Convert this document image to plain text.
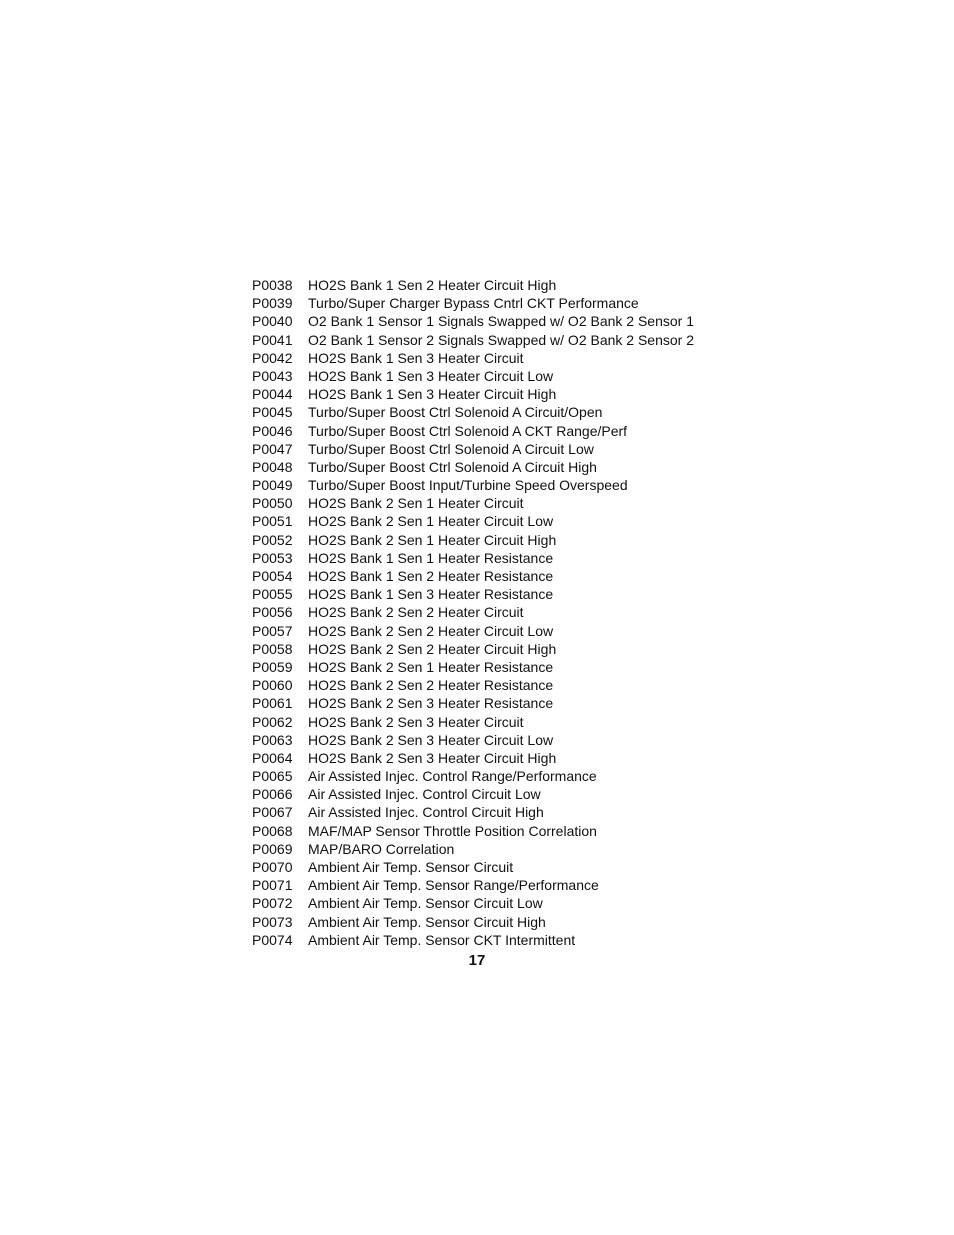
P0038	HO2S Bank 1 Sen 2 Heater Circuit High
P0039	Turbo/Super Charger Bypass Cntrl CKT Performance
P0040	O2 Bank 1 Sensor 1 Signals Swapped w/ O2 Bank 2 Sensor 1
P0041	O2 Bank 1 Sensor 2 Signals Swapped w/ O2 Bank 2 Sensor 2
P0042	HO2S Bank 1 Sen 3 Heater Circuit
P0043	HO2S Bank 1 Sen 3 Heater Circuit Low
P0044	HO2S Bank 1 Sen 3 Heater Circuit High
P0045	Turbo/Super Boost Ctrl Solenoid A Circuit/Open
P0046	Turbo/Super Boost Ctrl Solenoid A CKT Range/Perf
P0047	Turbo/Super Boost Ctrl Solenoid A Circuit Low
P0048	Turbo/Super Boost Ctrl Solenoid A Circuit High
P0049	Turbo/Super Boost Input/Turbine Speed Overspeed
P0050	HO2S Bank 2 Sen 1 Heater Circuit
P0051	HO2S Bank 2 Sen 1 Heater Circuit Low
P0052	HO2S Bank 2 Sen 1 Heater Circuit High
P0053	HO2S Bank 1 Sen 1 Heater Resistance
P0054	HO2S Bank 1 Sen 2 Heater Resistance
P0055	HO2S Bank 1 Sen 3 Heater Resistance
P0056	HO2S Bank 2 Sen 2 Heater Circuit
P0057	HO2S Bank 2 Sen 2 Heater Circuit Low
P0058	HO2S Bank 2 Sen 2 Heater Circuit High
P0059	HO2S Bank 2 Sen 1 Heater Resistance
P0060	HO2S Bank 2 Sen 2 Heater Resistance
P0061	HO2S Bank 2 Sen 3 Heater Resistance
P0062	HO2S Bank 2 Sen 3 Heater Circuit
P0063	HO2S Bank 2 Sen 3 Heater Circuit Low
P0064	HO2S Bank 2 Sen 3 Heater Circuit High
P0065	Air Assisted Injec. Control Range/Performance
P0066	Air Assisted Injec. Control Circuit Low
P0067	Air Assisted Injec. Control Circuit High
P0068	MAF/MAP Sensor Throttle Position Correlation
P0069	MAP/BARO Correlation
P0070	Ambient Air Temp. Sensor Circuit
P0071	Ambient Air Temp. Sensor Range/Performance
P0072	Ambient Air Temp. Sensor Circuit Low
P0073	Ambient Air Temp. Sensor Circuit High
P0074	Ambient Air Temp. Sensor CKT Intermittent
17
